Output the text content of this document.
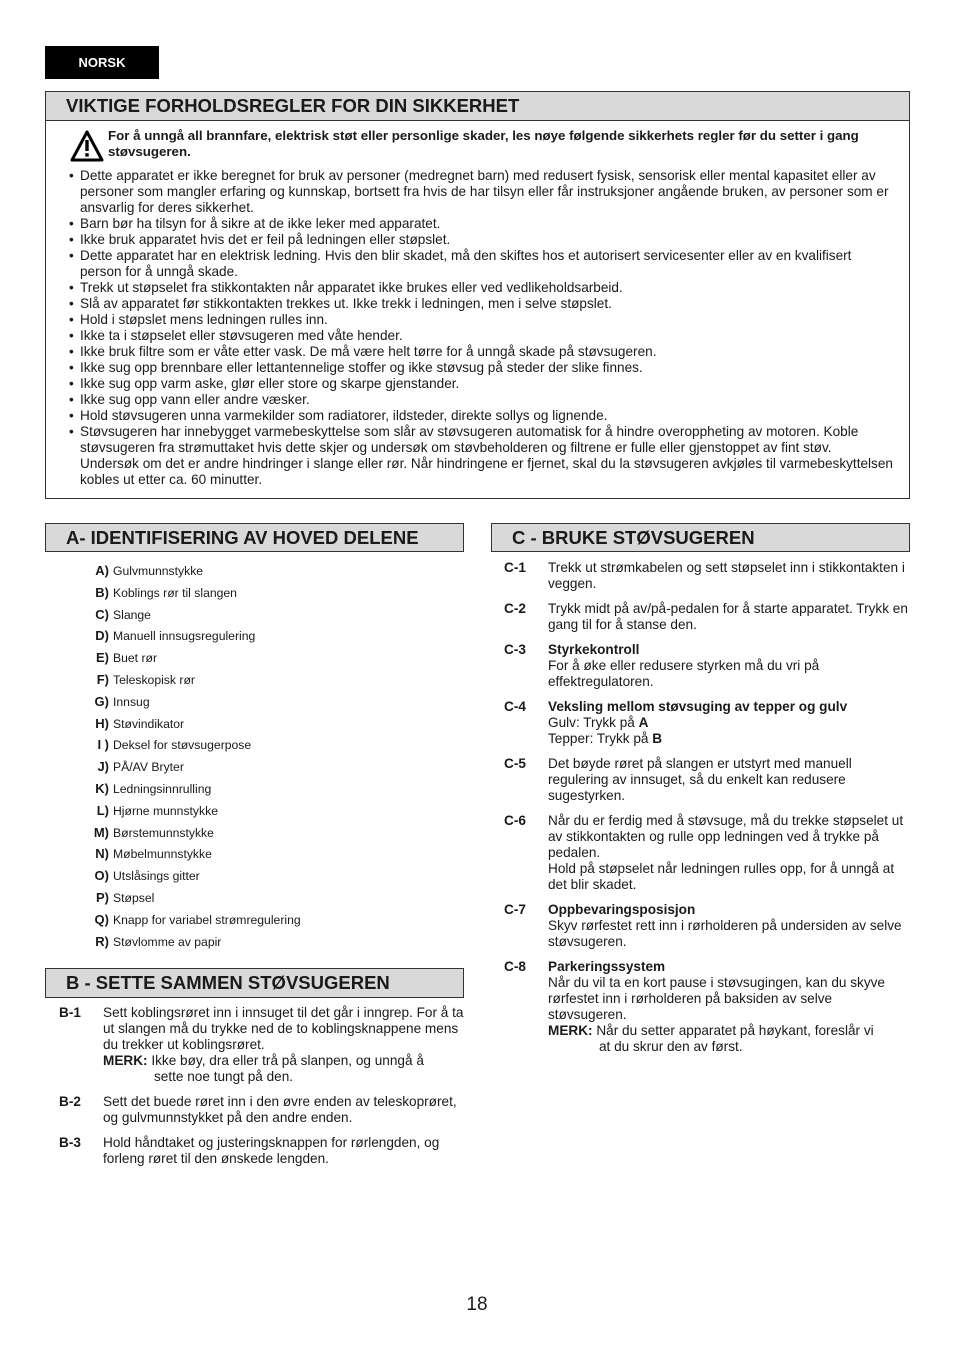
NORSK
VIKTIGE FORHOLDSREGLER FOR DIN SIKKERHET
For å unngå all brannfare, elektrisk støt eller personlige skader, les nøye følgende sikkerhets regler før du setter i gang støvsugeren.
• Dette apparatet er ikke beregnet for bruk av personer (medregnet barn) med redusert fysisk, sensorisk eller mental kapasitet eller av personer som mangler erfaring og kunnskap, bortsett fra hvis de har tilsyn eller får instruksjoner angående bruken, av personer som er ansvarlig for deres sikkerhet.
• Barn bør ha tilsyn for å sikre at de ikke leker med apparatet.
• Ikke bruk apparatet hvis det er feil på ledningen eller støpslet.
• Dette apparatet har en elektrisk ledning. Hvis den blir skadet, må den skiftes hos et autorisert servicesenter eller av en kvalifisert person for å unngå skade.
• Trekk ut støpselet fra stikkontakten når apparatet ikke brukes eller ved vedlikeholdsarbeid.
• Slå av apparatet før stikkontakten trekkes ut. Ikke trekk i ledningen, men i selve støpslet.
• Hold i støpslet mens ledningen rulles inn.
• Ikke ta i støpselet eller støvsugeren med våte hender.
• Ikke bruk filtre som er våte etter vask. De må være helt tørre for å unngå skade på støvsugeren.
• Ikke sug opp brennbare eller lettantennelige stoffer og ikke støvsug på steder der slike finnes.
• Ikke sug opp varm aske, glør eller store og skarpe gjenstander.
• Ikke sug opp vann eller andre væsker.
• Hold støvsugeren unna varmekilder som radiatorer, ildsteder, direkte sollys og lignende.
• Støvsugeren har innebygget varmebeskyttelse som slår av støvsugeren automatisk for å hindre overoppheting av motoren. Koble støvsugeren fra strømuttaket hvis dette skjer og undersøk om støvbeholderen og filtrene er fulle eller gjenstoppet av fint støv. Undersøk om det er andre hindringer i slange eller rør. Når hindringene er fjernet, skal du la støvsugeren avkjøles til varmebeskyttelsen kobles ut etter ca. 60 minutter.
A- IDENTIFISERING AV HOVED DELENE
A) Gulvmunnstykke
B) Koblings rør til slangen
C) Slange
D) Manuell innsugsregulering
E) Buet rør
F) Teleskopisk rør
G) Innsug
H) Støvindikator
I ) Deksel for støvsugerpose
J) PÅ/AV Bryter
K) Ledningsinnrulling
L) Hjørne munnstykke
M) Børstemunnstykke
N) Møbelmunnstykke
O) Utslåsings gitter
P) Støpsel
Q) Knapp for variabel strømregulering
R) Støvlomme av papir
B - SETTE SAMMEN STØVSUGEREN
B-1	Sett koblingsrøret inn i innsuget til det går i inngrep. For å ta ut slangen må du trykke ned de to koblingsknappene mens du trekker ut koblingsrøret.
MERK: Ikke bøy, dra eller trå på slanpen, og unngå å
sette noe tungt på den.
B-2	Sett det buede røret inn i den øvre enden av teleskoprøret, og gulvmunnstykket på den andre enden.
B-3	Hold håndtaket og justeringsknappen for rørlengden, og forleng røret til den ønskede lengden.
C - BRUKE STØVSUGEREN
C-1	Trekk ut strømkabelen og sett støpselet inn i stikkontakten i veggen.
C-2	Trykk midt på av/på-pedalen for å starte apparatet. Trykk en gang til for å stanse den.
C-3	Styrkekontroll
For å øke eller redusere styrken må du vri på effektregulatoren.
C-4	Veksling mellom støvsuging av tepper og gulv
Gulv: Trykk på A
Tepper: Trykk på B
C-5	Det bøyde røret på slangen er utstyrt med manuell regulering av innsuget, så du enkelt kan redusere sugestyrken.
C-6	Når du er ferdig med å støvsuge, må du trekke støpselet ut av stikkontakten og rulle opp ledningen ved å trykke på pedalen.
Hold på støpselet når ledningen rulles opp, for å unngå at det blir skadet.
C-7	Oppbevaringsposisjon
Skyv rørfestet rett inn i rørholderen på undersiden av selve støvsugeren.
C-8	Parkeringssystem
Når du vil ta en kort pause i støvsugingen, kan du skyve rørfestet inn i rørholderen på baksiden av selve støvsugeren.
MERK: Når du setter apparatet på høykant, foreslår vi
at du skrur den av først.
18
